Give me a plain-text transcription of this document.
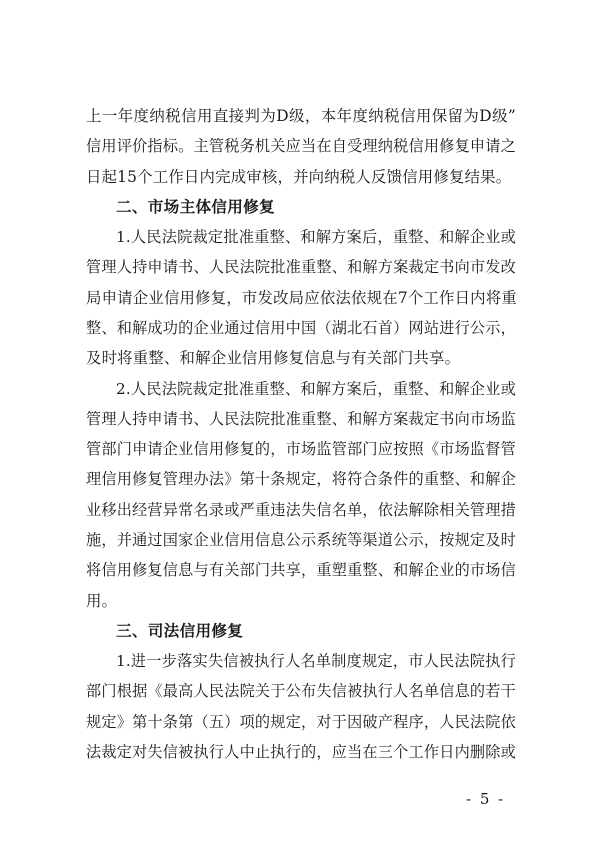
上一年度纳税信用直接判为D级，本年度纳税信用保留为D级”
信用评价指标。主管税务机关应当在自受理纳税信用修复申请之
日起15个工作日内完成审核，并向纳税人反馈信用修复结果。
二、市场主体信用修复
1.人民法院裁定批准重整、和解方案后，重整、和解企业或
管理人持申请书、人民法院批准重整、和解方案裁定书向市发改
局申请企业信用修复，市发改局应依法依规在7个工作日内将重
整、和解成功的企业通过信用中国（湖北石首）网站进行公示，
及时将重整、和解企业信用修复信息与有关部门共享。
2.人民法院裁定批准重整、和解方案后，重整、和解企业或
管理人持申请书、人民法院批准重整、和解方案裁定书向市场监
管部门申请企业信用修复的，市场监管部门应按照《市场监督管
理信用修复管理办法》第十条规定，将符合条件的重整、和解企
业移出经营异常名录或严重违法失信名单，依法解除相关管理措
施，并通过国家企业信用信息公示系统等渠道公示，按规定及时
将信用修复信息与有关部门共享，重塑重整、和解企业的市场信
用。
三、司法信用修复
1.进一步落实失信被执行人名单制度规定，市人民法院执行
部门根据《最高人民法院关于公布失信被执行人名单信息的若干
规定》第十条第（五）项的规定，对于因破产程序，人民法院依
法裁定对失信被执行人中止执行的，应当在三个工作日内删除或
- 5 -
